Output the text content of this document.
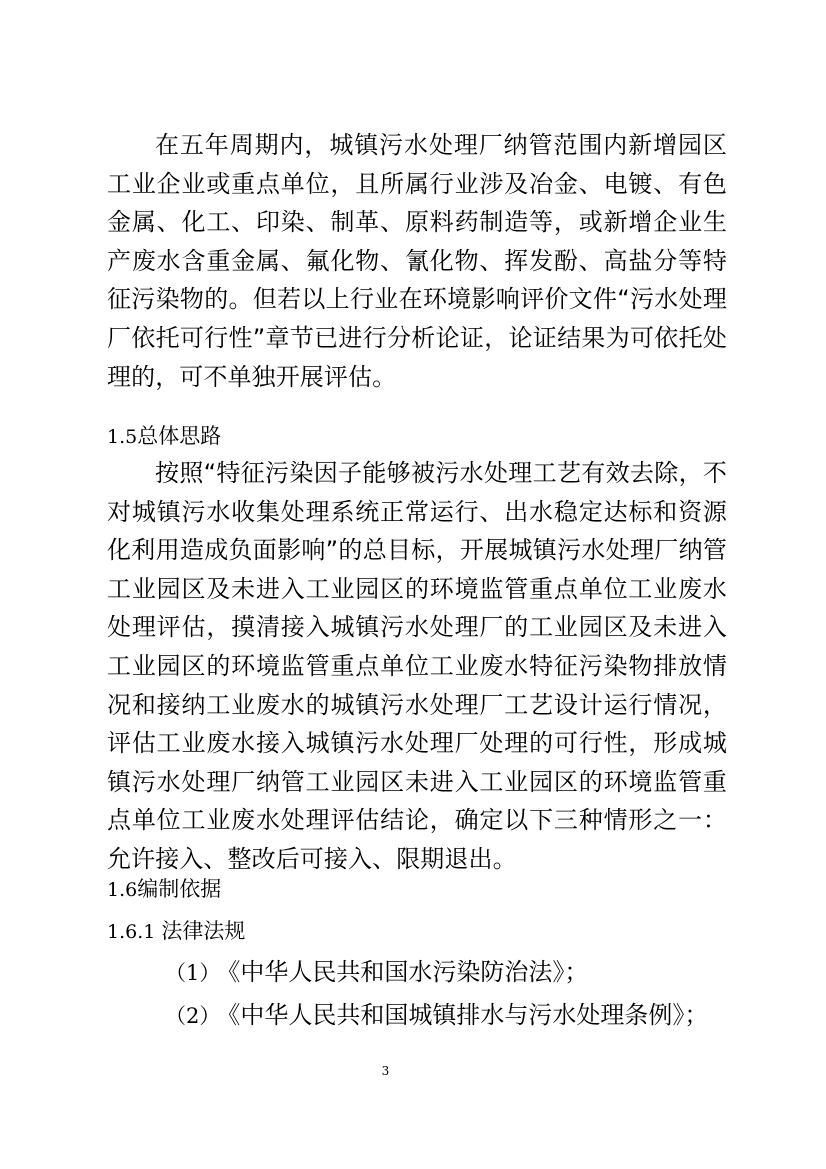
在五年周期内，城镇污水处理厂纳管范围内新增园区工业企业或重点单位，且所属行业涉及冶金、电镀、有色金属、化工、印染、制革、原料药制造等，或新增企业生产废水含重金属、氟化物、氰化物、挥发酚、高盐分等特征污染物的。但若以上行业在环境影响评价文件“污水处理厂依托可行性”章节已进行分析论证，论证结果为可依托处理的，可不单独开展评估。

1.5总体思路

按照“特征污染因子能够被污水处理工艺有效去除，不对城镇污水收集处理系统正常运行、出水稳定达标和资源化利用造成负面影响”的总目标，开展城镇污水处理厂纳管工业园区及未进入工业园区的环境监管重点单位工业废水处理评估，摸清接入城镇污水处理厂的工业园区及未进入工业园区的环境监管重点单位工业废水特征污染物排放情况和接纳工业废水的城镇污水处理厂工艺设计运行情况，评估工业废水接入城镇污水处理厂处理的可行性，形成城镇污水处理厂纳管工业园区未进入工业园区的环境监管重点单位工业废水处理评估结论，确定以下三种情形之一：允许接入、整改后可接入、限期退出。

1.6编制依据
1.6.1 法律法规
（1） 《中华人民共和国水污染防治法》；
（2） 《中华人民共和国城镇排水与污水处理条例》；
3
